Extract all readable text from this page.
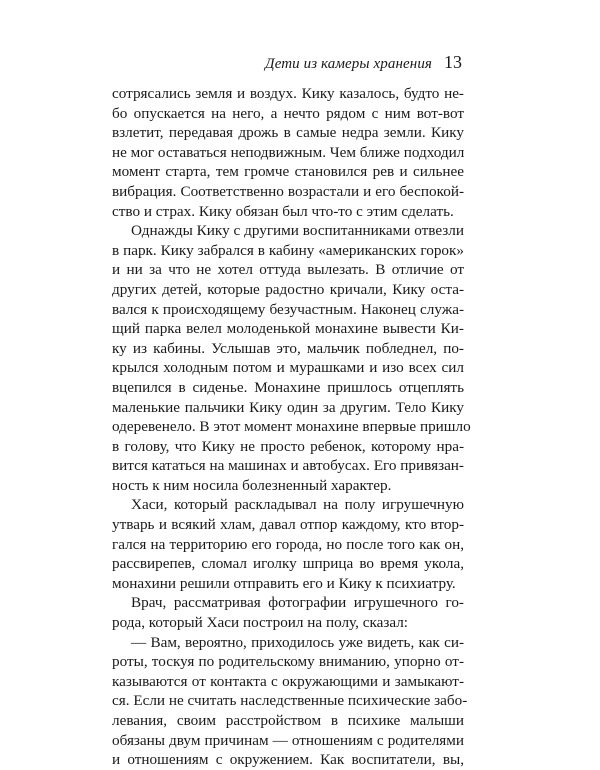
Дети из камеры хранения 13
сотрясались земля и воздух. Кику казалось, будто не-
бо опускается на него, а нечто рядом с ним вот-вот
взлетит, передавая дрожь в самые недра земли. Кику
не мог оставаться неподвижным. Чем ближе подходил
момент старта, тем громче становился рев и сильнее
вибрация. Соответственно возрастали и его беспокой-
ство и страх. Кику обязан был что-то с этим сделать.
Однажды Кику с другими воспитанниками отвезли
в парк. Кику забрался в кабину «американских горок»
и ни за что не хотел оттуда вылезать. В отличие от
других детей, которые радостно кричали, Кику оста-
вался к происходящему безучастным. Наконец служа-
щий парка велел молоденькой монахине вывести Ки-
ку из кабины. Услышав это, мальчик побледнел, по-
крылся холодным потом и мурашками и изо всех сил
вцепился в сиденье. Монахине пришлось отцеплять
маленькие пальчики Кику один за другим. Тело Кику
одеревенело. В этот момент монахине впервые пришло
в голову, что Кику не просто ребенок, которому нра-
вится кататься на машинах и автобусах. Его привязан-
ность к ним носила болезненный характер.
Хаси, который раскладывал на полу игрушечную
утварь и всякий хлам, давал отпор каждому, кто втор-
гался на территорию его города, но после того как он,
рассвирепев, сломал иголку шприца во время укола,
монахини решили отправить его и Кику к психиатру.
Врач, рассматривая фотографии игрушечного го-
рода, который Хаси построил на полу, сказал:
— Вам, вероятно, приходилось уже видеть, как си-
роты, тоскуя по родительскому вниманию, упорно от-
казываются от контакта с окружающими и замыкают-
ся. Если не считать наследственные психические забо-
левания, своим расстройством в психике малыши
обязаны двум причинам — отношениям с родителями
и отношениям с окружением. Как воспитатели, вы,
